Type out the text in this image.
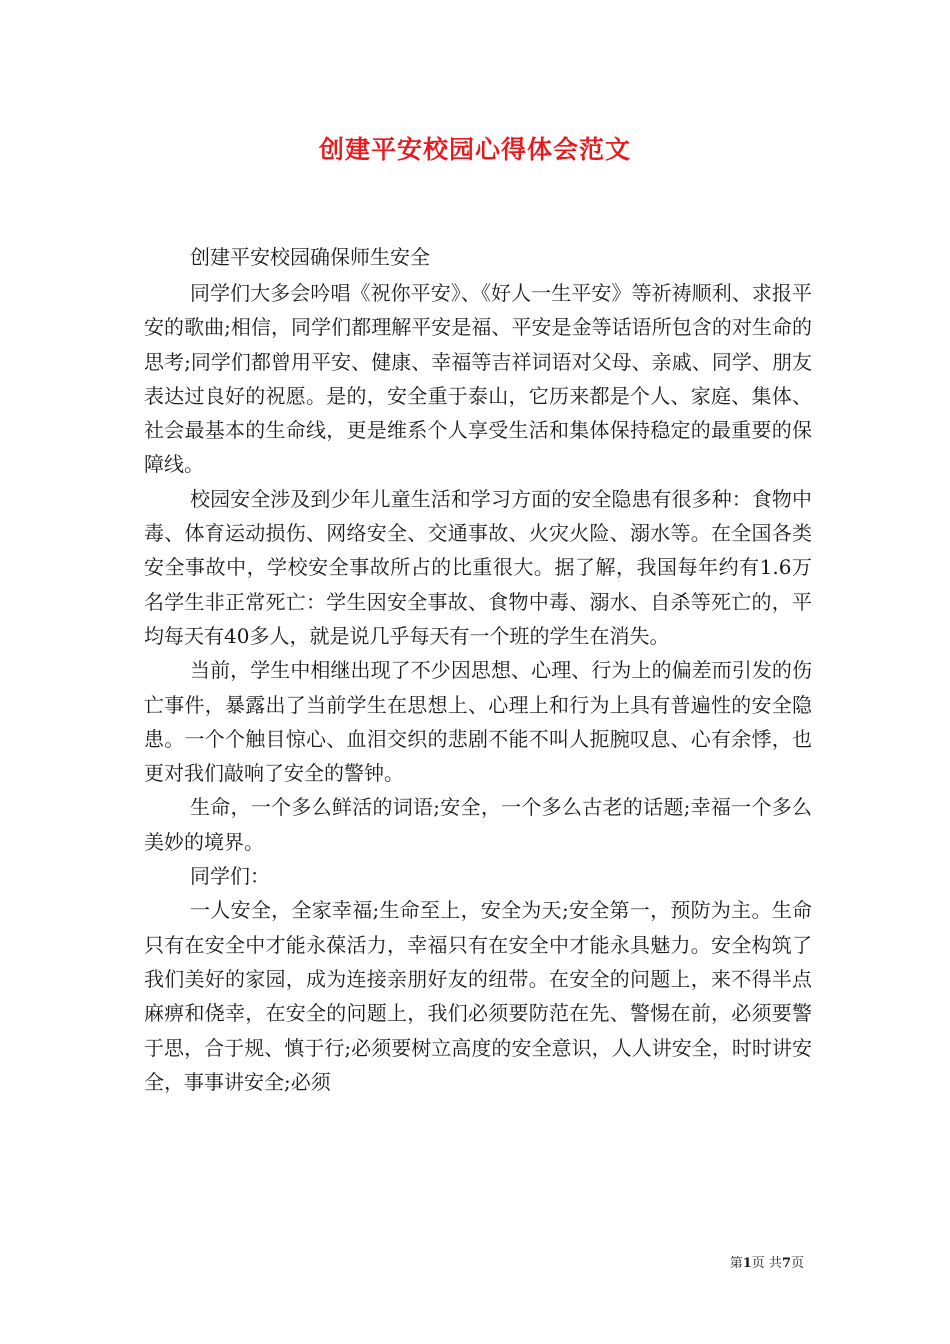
创建平安校园心得体会范文
创建平安校园确保师生安全

同学们大多会吟唱《祝你平安》、《好人一生平安》等祈祷顺利、求报平安的歌曲;相信，同学们都理解平安是福、平安是金等话语所包含的对生命的思考;同学们都曾用平安、健康、幸福等吉祥词语对父母、亲戚、同学、朋友表达过良好的祝愿。是的，安全重于泰山，它历来都是个人、家庭、集体、社会最基本的生命线，更是维系个人享受生活和集体保持稳定的最重要的保障线。

校园安全涉及到少年儿童生活和学习方面的安全隐患有很多种：食物中毒、体育运动损伤、网络安全、交通事故、火灾火险、溺水等。在全国各类安全事故中，学校安全事故所占的比重很大。据了解，我国每年约有1.6万名学生非正常死亡：学生因安全事故、食物中毒、溺水、自杀等死亡的，平均每天有40多人，就是说几乎每天有一个班的学生在消失。

当前，学生中相继出现了不少因思想、心理、行为上的偏差而引发的伤亡事件，暴露出了当前学生在思想上、心理上和行为上具有普遍性的安全隐患。一个个触目惊心、血泪交织的悲剧不能不叫人扼腕叹息、心有余悸，也更对我们敲响了安全的警钟。

生命，一个多么鲜活的词语;安全，一个多么古老的话题;幸福一个多么美妙的境界。

同学们：

一人安全，全家幸福;生命至上，安全为天;安全第一，预防为主。生命只有在安全中才能永葆活力，幸福只有在安全中才能永具魅力。安全构筑了我们美好的家园，成为连接亲朋好友的纽带。在安全的问题上，来不得半点麻痹和侥幸，在安全的问题上，我们必须要防范在先、警惕在前，必须要警于思，合于规、慎于行;必须要树立高度的安全意识，人人讲安全，时时讲安全，事事讲安全;必须

第1页 共7页
